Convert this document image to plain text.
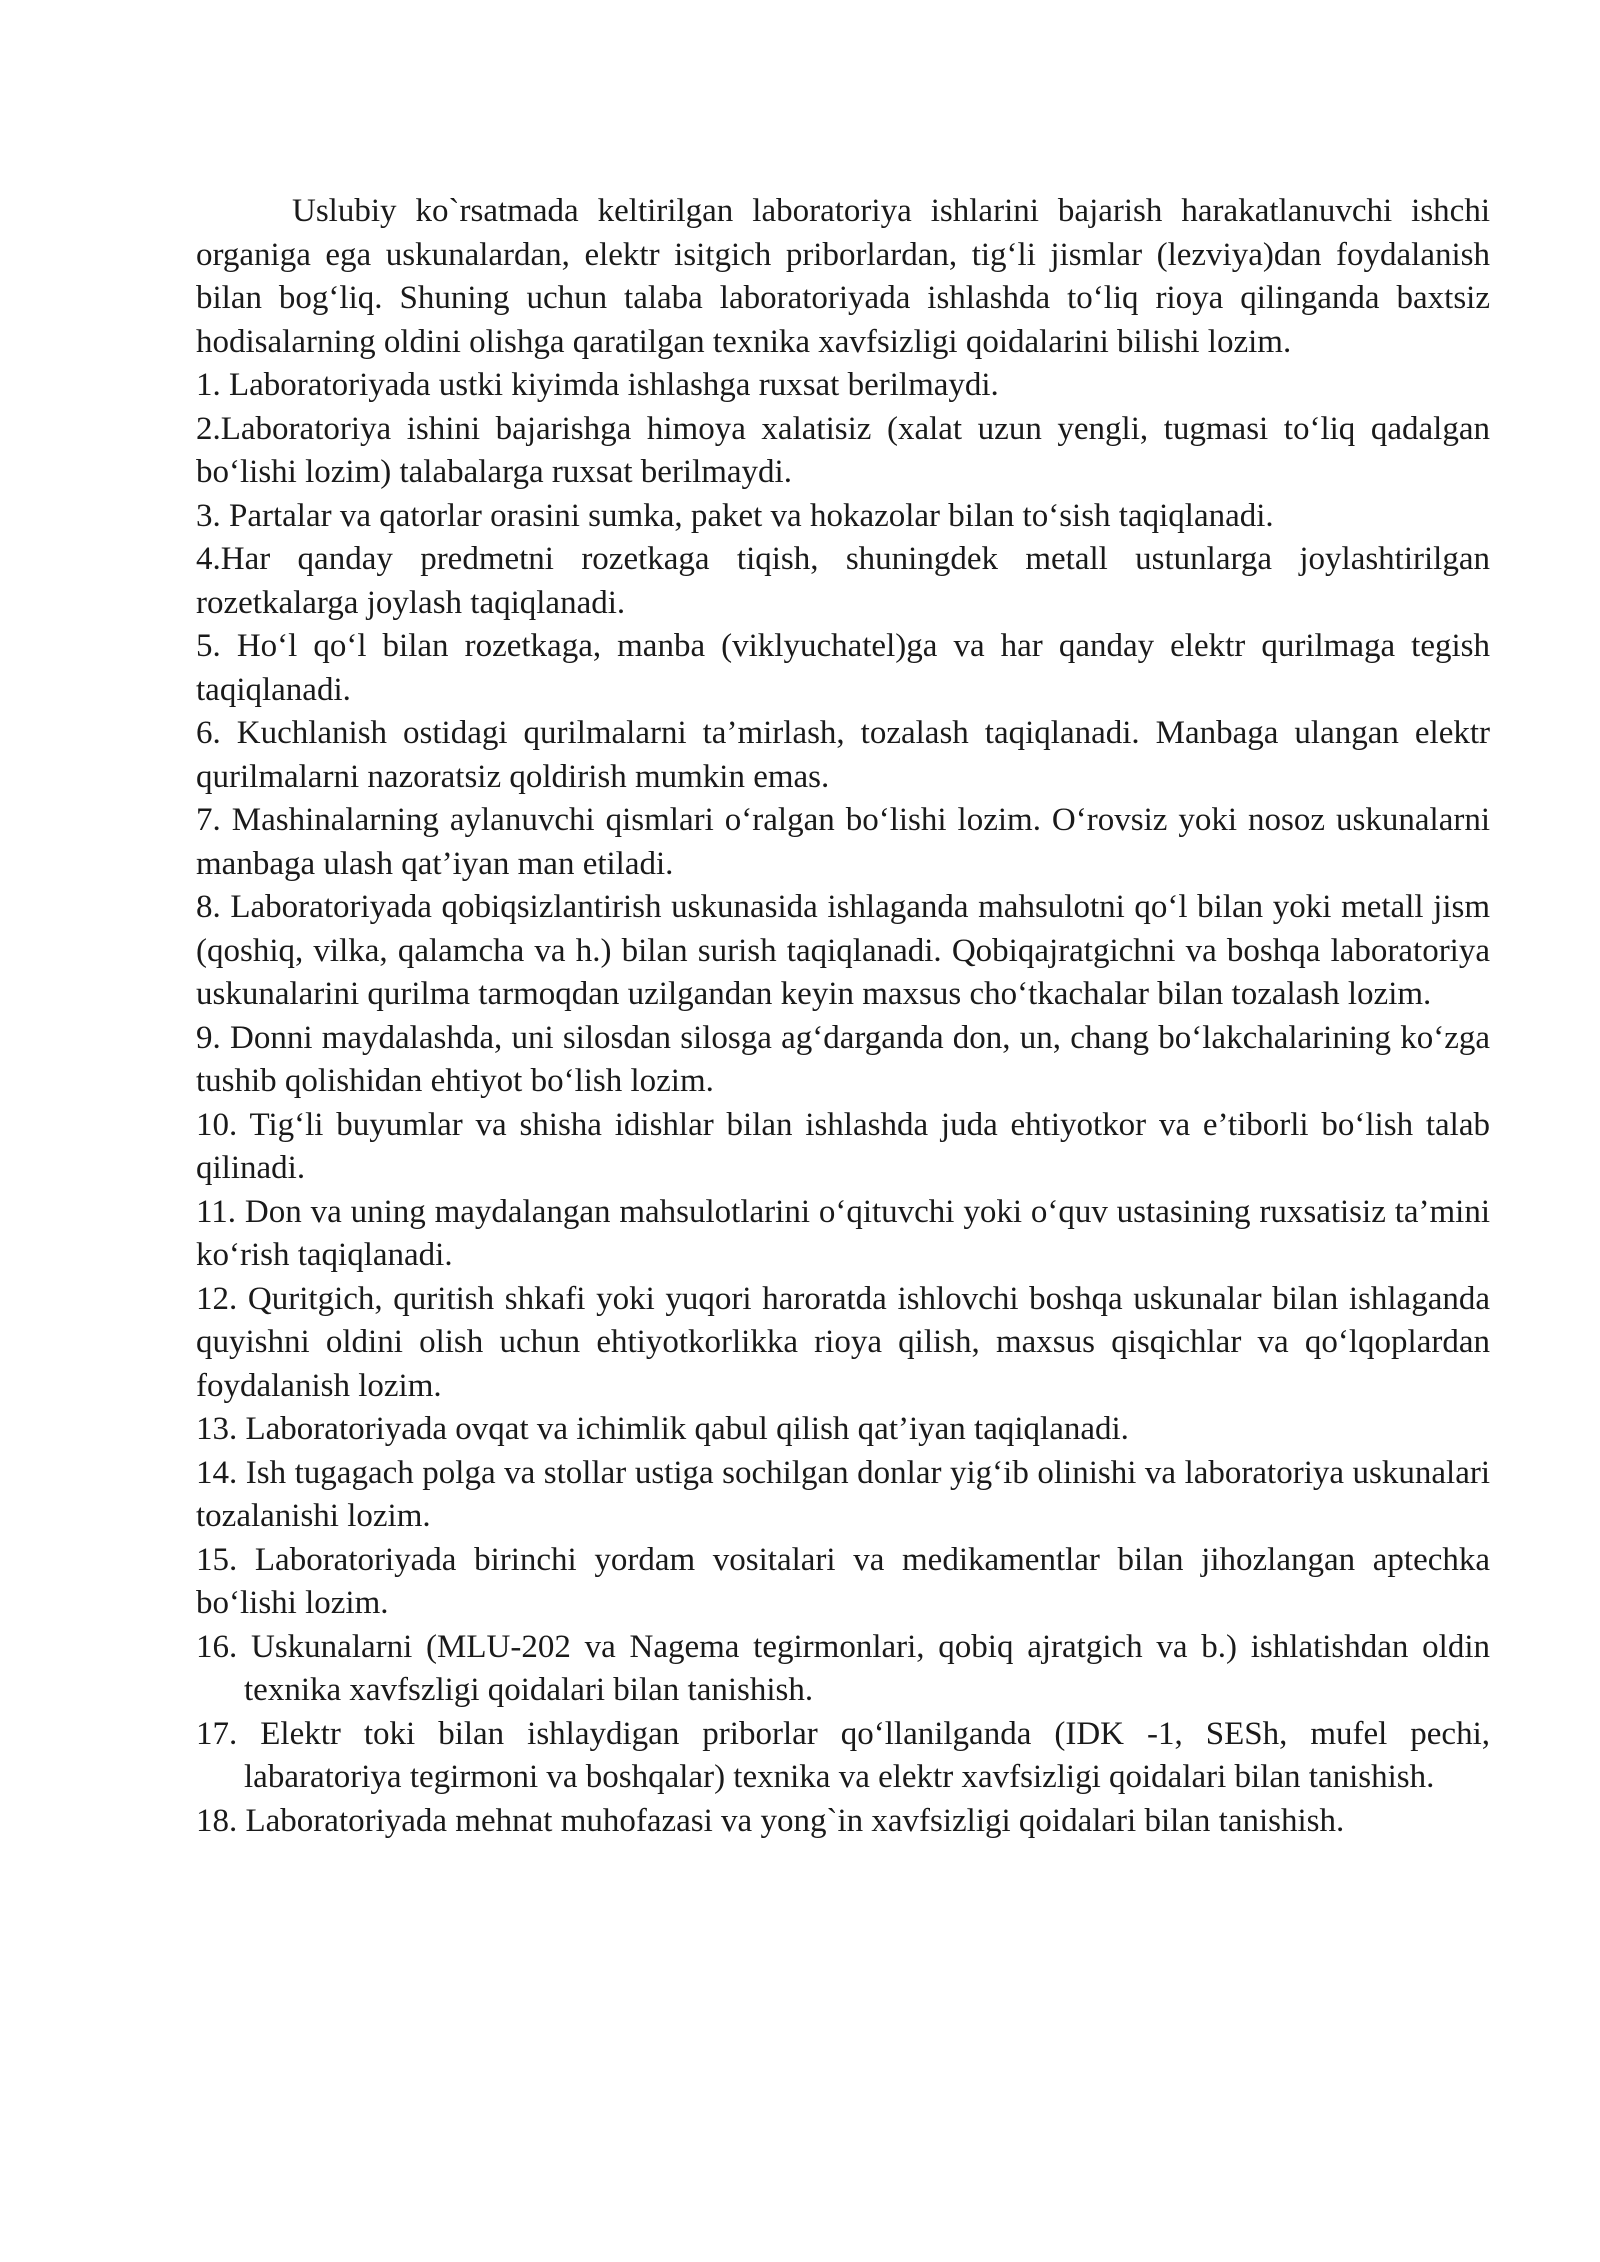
Uslubiy ko`rsatmada keltirilgan laboratoriya ishlarini bajarish harakatlanuvchi ishchi organiga ega uskunalardan, elektr isitgich priborlardan, tig‘li jismlar (lezviya)dan foydalanish bilan bog‘liq. Shuning uchun talaba laboratoriyada ishlashda to‘liq rioya qilinganda baxtsiz hodisalarning oldini olishga qaratilgan texnika xavfsizligi qoidalarini bilishi lozim.

1. Laboratoriyada ustki kiyimda ishlashga ruxsat berilmaydi.

2.Laboratoriya ishini bajarishga himoya xalatisiz (xalat uzun yengli, tugmasi to‘liq qadalgan bo‘lishi lozim) talabalarga ruxsat berilmaydi.

3. Partalar va qatorlar orasini sumka, paket va hokazolar bilan to‘sish taqiqlanadi.

4.Har qanday predmetni rozetkaga tiqish, shuningdek metall ustunlarga joylashtirilgan rozetkalarga joylash taqiqlanadi.

5. Ho‘l qo‘l bilan rozetkaga, manba (viklyuchatel)ga va har qanday elektr qurilmaga tegish taqiqlanadi.

6. Kuchlanish ostidagi qurilmalarni ta’mirlash, tozalash taqiqlanadi. Manbaga ulangan elektr qurilmalarni nazoratsiz qoldirish mumkin emas.

7. Mashinalarning aylanuvchi qismlari o‘ralgan bo‘lishi lozim. O‘rovsiz yoki nosoz uskunalarni manbaga ulash qat’iyan man etiladi.

8. Laboratoriyada qobiqsizlantirish uskunasida ishlaganda mahsulotni qo‘l bilan yoki metall jism (qoshiq, vilka, qalamcha va h.) bilan surish taqiqlanadi. Qobiqajratgichni va boshqa laboratoriya uskunalarini qurilma tarmoqdan uzilgandan keyin maxsus cho‘tkachalar bilan tozalash lozim.

9. Donni maydalashda, uni silosdan silosga ag‘darganda don, un, chang bo‘lakchalarining ko‘zga tushib qolishidan ehtiyot bo‘lish lozim.

10. Tig‘li buyumlar va shisha idishlar bilan ishlashda juda ehtiyotkor va e’tiborli bo‘lish talab qilinadi.

11. Don va uning maydalangan mahsulotlarini o‘qituvchi yoki o‘quv ustasining ruxsatisiz ta’mini ko‘rish taqiqlanadi.

12. Quritgich, quritish shkafi yoki yuqori haroratda ishlovchi boshqa uskunalar bilan ishlaganda quyishni oldini olish uchun ehtiyotkorlikka rioya qilish, maxsus qisqichlar va qo‘lqoplardan foydalanish lozim.

13. Laboratoriyada ovqat va ichimlik qabul qilish qat’iyan taqiqlanadi.

14. Ish tugagach polga va stollar ustiga sochilgan donlar yig‘ib olinishi va laboratoriya uskunalari tozalanishi lozim.

15. Laboratoriyada birinchi yordam vositalari va medikamentlar bilan jihozlangan aptechka bo‘lishi lozim.

16. Uskunalarni (MLU-202 va Nagema tegirmonlari, qobiq ajratgich va b.) ishlatishdan oldin texnika xavfszligi qoidalari bilan tanishish.

17. Elektr toki bilan ishlaydigan priborlar qo‘llanilganda (IDK -1, SESh, mufel pechi, labaratoriya tegirmoni va boshqalar) texnika va elektr xavfsizligi qoidalari bilan tanishish.

18. Laboratoriyada mehnat muhofazasi va yong`in xavfsizligi qoidalari bilan tanishish.
